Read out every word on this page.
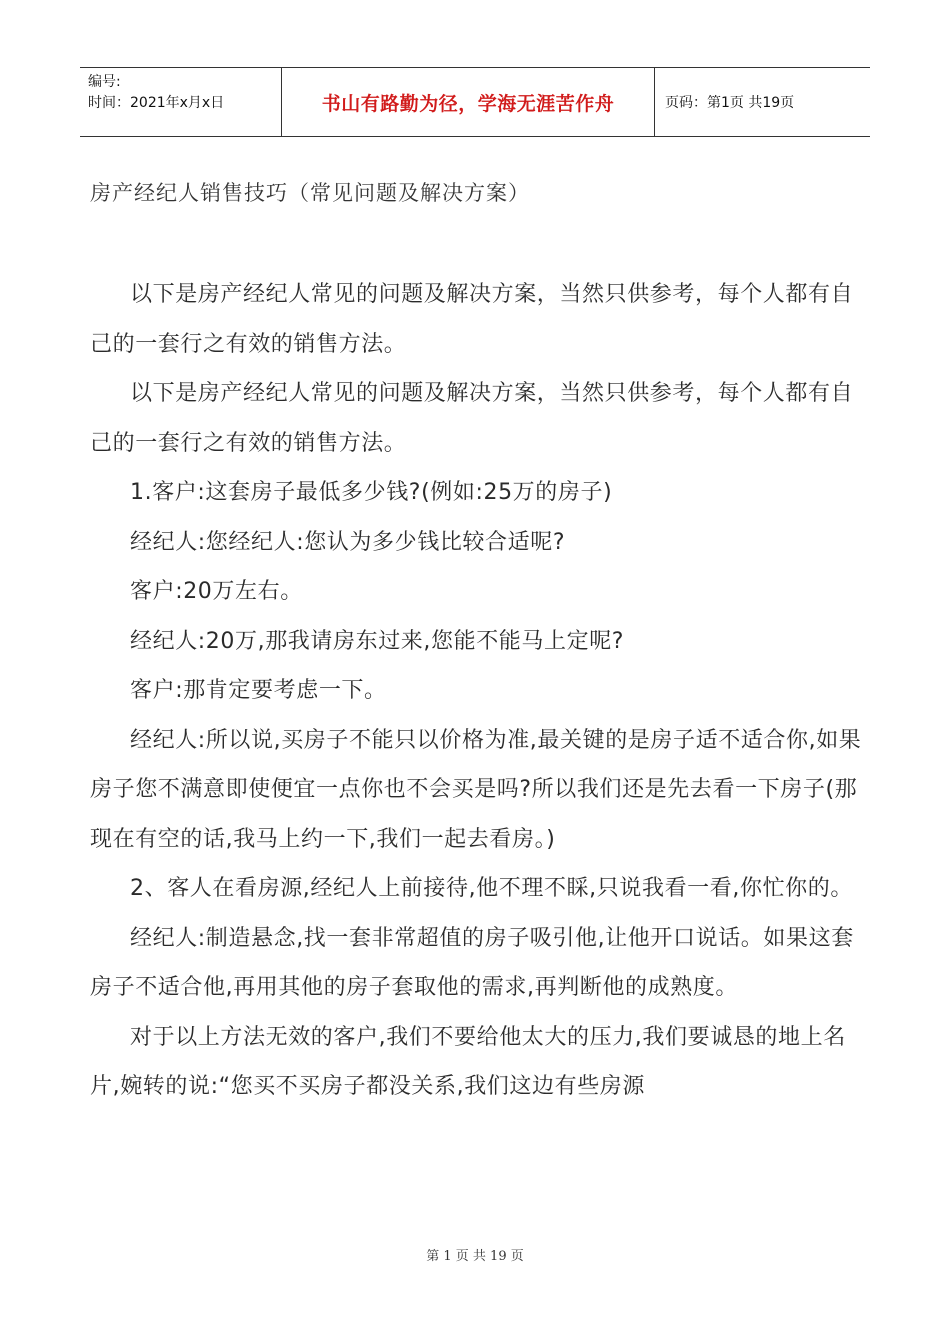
编号:
时间：2021年x月x日	书山有路勤为径，学海无涯苦作舟	页码：第1页 共19页
房产经纪人销售技巧（常见问题及解决方案）

以下是房产经纪人常见的问题及解决方案，当然只供参考，每个人都有自己的一套行之有效的销售方法。

以下是房产经纪人常见的问题及解决方案，当然只供参考，每个人都有自己的一套行之有效的销售方法。

1.客户:这套房子最低多少钱?(例如:25万的房子)

经纪人:您经纪人:您认为多少钱比较合适呢?

客户:20万左右。

经纪人:20万,那我请房东过来,您能不能马上定呢?

客户:那肯定要考虑一下。

经纪人:所以说,买房子不能只以价格为准,最关键的是房子适不适合你,如果房子您不满意即使便宜一点你也不会买是吗?所以我们还是先去看一下房子(那现在有空的话,我马上约一下,我们一起去看房。)

2、客人在看房源,经纪人上前接待,他不理不睬,只说我看一看,你忙你的。

经纪人:制造悬念,找一套非常超值的房子吸引他,让他开口说话。如果这套房子不适合他,再用其他的房子套取他的需求,再判断他的成熟度。

对于以上方法无效的客户,我们不要给他太大的压力,我们要诚恳的地上名片,婉转的说:“您买不买房子都没关系,我们这边有些房源

第 1 页 共 19 页
